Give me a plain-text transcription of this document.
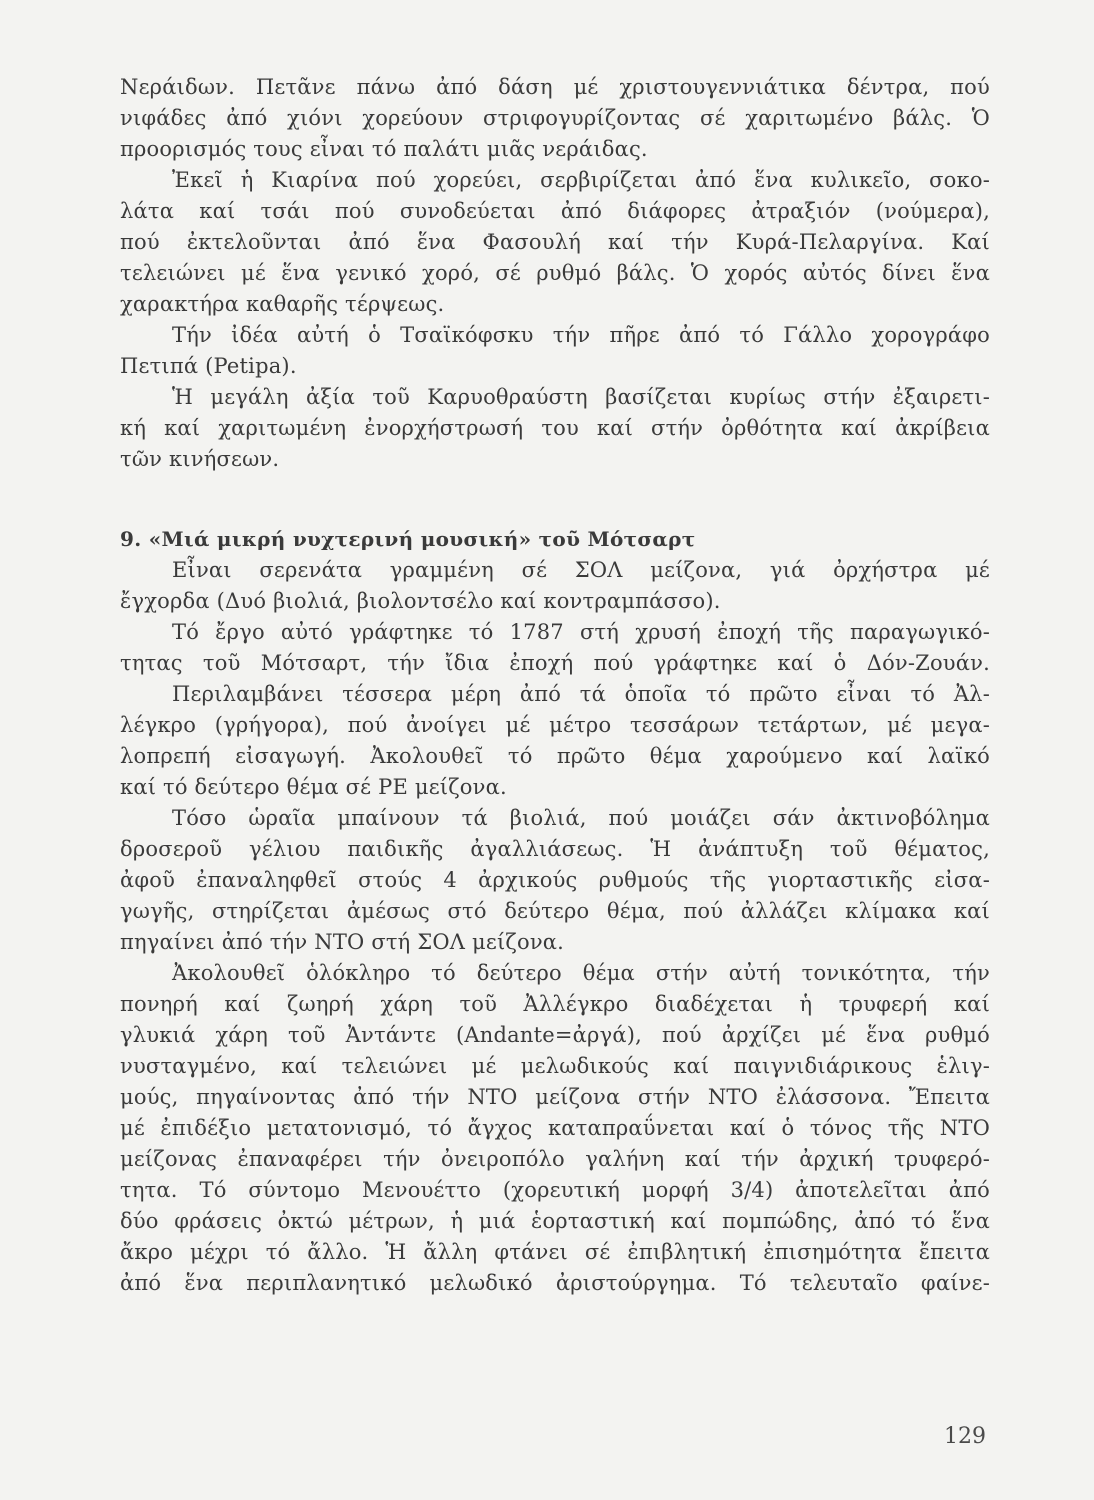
Νεράιδων. Πετᾶνε πάνω ἀπό δάση μέ χριστουγεννιάτικα δέντρα, πού
νιφάδες ἀπό χιόνι χορεύουν στριφογυρίζοντας σέ χαριτωμένο βάλς. Ὁ
προορισμός τους εἶναι τό παλάτι μιᾶς νεράιδας.
Ἐκεῖ ἡ Κιαρίνα πού χορεύει, σερβιρίζεται ἀπό ἕνα κυλικεῖο, σοκο-
λάτα καί τσάι πού συνοδεύεται ἀπό διάφορες ἀτραξιόν (νούμερα),
πού ἐκτελοῦνται ἀπό ἕνα Φασουλή καί τήν Κυρά-Πελαργίνα. Καί
τελειώνει μέ ἕνα γενικό χορό, σέ ρυθμό βάλς. Ὁ χορός αὐτός δίνει ἕνα
χαρακτήρα καθαρῆς τέρψεως.
Τήν ἰδέα αὐτή ὁ Τσαϊκόφσκυ τήν πῆρε ἀπό τό Γάλλο χορογράφο
Πετιπά (Petipa).
Ἡ μεγάλη ἀξία τοῦ Καρυοθραύστη βασίζεται κυρίως στήν ἐξαιρετι-
κή καί χαριτωμένη ἐνορχήστρωσή του καί στήν ὀρθότητα καί ἀκρίβεια
τῶν κινήσεων.
9. «Μιά μικρή νυχτερινή μουσική» τοῦ Μότσαρτ
Εἶναι σερενάτα γραμμένη σέ ΣΟΛ μείζονα, γιά ὀρχήστρα μέ
ἔγχορδα (Δυό βιολιά, βιολοντσέλο καί κοντραμπάσσο).
Τό ἔργο αὐτό γράφτηκε τό 1787 στή χρυσή ἐποχή τῆς παραγωγικό-
τητας τοῦ Μότσαρτ, τήν ἴδια ἐποχή πού γράφτηκε καί ὁ Δόν-Ζουάν.
Περιλαμβάνει τέσσερα μέρη ἀπό τά ὁποῖα τό πρῶτο εἶναι τό Ἀλ-
λέγκρο (γρήγορα), πού ἀνοίγει μέ μέτρο τεσσάρων τετάρτων, μέ μεγα-
λοπρεπή εἰσαγωγή. Ἀκολουθεῖ τό πρῶτο θέμα χαρούμενο καί λαϊκό
καί τό δεύτερο θέμα σέ ΡΕ μείζονα.
Τόσο ὡραῖα μπαίνουν τά βιολιά, πού μοιάζει σάν ἀκτινοβόλημα
δροσεροῦ γέλιου παιδικῆς ἀγαλλιάσεως. Ἡ ἀνάπτυξη τοῦ θέματος,
ἀφοῦ ἐπαναληφθεῖ στούς 4 ἀρχικούς ρυθμούς τῆς γιορταστικῆς εἰσα-
γωγῆς, στηρίζεται ἀμέσως στό δεύτερο θέμα, πού ἀλλάζει κλίμακα καί
πηγαίνει ἀπό τήν ΝΤΟ στή ΣΟΛ μείζονα.
Ἀκολουθεῖ ὁλόκληρο τό δεύτερο θέμα στήν αὐτή τονικότητα, τήν
πονηρή καί ζωηρή χάρη τοῦ Ἀλλέγκρο διαδέχεται ἡ τρυφερή καί
γλυκιά χάρη τοῦ Ἀντάντε (Andante=ἀργά), πού ἀρχίζει μέ ἕνα ρυθμό
νυσταγμένο, καί τελειώνει μέ μελωδικούς καί παιγνιδιάρικους ἑλιγ-
μούς, πηγαίνοντας ἀπό τήν ΝΤΟ μείζονα στήν ΝΤΟ ἐλάσσονα. Ἔπειτα
μέ ἐπιδέξιο μετατονισμό, τό ἄγχος καταπραΰνεται καί ὁ τόνος τῆς ΝΤΟ
μείζονας ἐπαναφέρει τήν ὀνειροπόλο γαλήνη καί τήν ἀρχική τρυφερό-
τητα. Τό σύντομο Μενουέττο (χορευτική μορφή 3/4) ἀποτελεῖται ἀπό
δύο φράσεις ὀκτώ μέτρων, ἡ μιά ἑορταστική καί πομπώδης, ἀπό τό ἕνα
ἄκρο μέχρι τό ἄλλο. Ἡ ἄλλη φτάνει σέ ἐπιβλητική ἐπισημότητα ἔπειτα
ἀπό ἕνα περιπλανητικό μελωδικό ἀριστούργημα. Τό τελευταῖο φαίνε-
129
